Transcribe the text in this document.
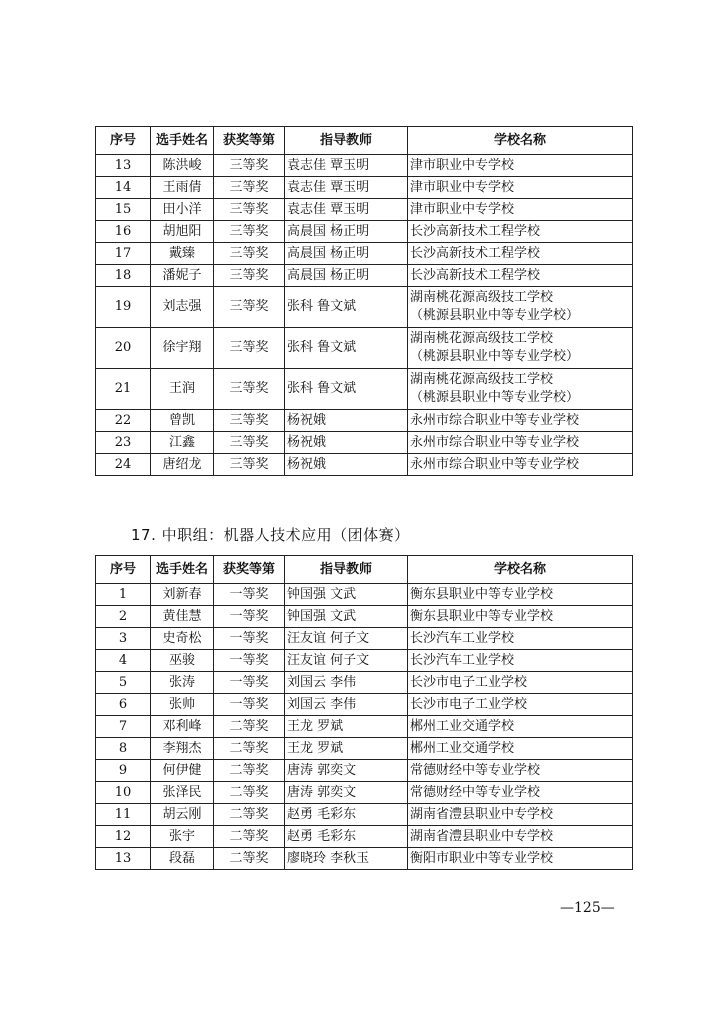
序号	选手姓名	获奖等第	指导教师	学校名称
13	陈洪峻	三等奖	袁志佳 覃玉明	津市职业中专学校
14	王雨倩	三等奖	袁志佳 覃玉明	津市职业中专学校
15	田小洋	三等奖	袁志佳 覃玉明	津市职业中专学校
16	胡旭阳	三等奖	高晨国 杨正明	长沙高新技术工程学校
17	戴臻	三等奖	高晨国 杨正明	长沙高新技术工程学校
18	潘妮子	三等奖	高晨国 杨正明	长沙高新技术工程学校
19	刘志强	三等奖	张科 鲁文斌	湖南桃花源高级技工学校
（桃源县职业中等专业学校）
20	徐宇翔	三等奖	张科 鲁文斌	湖南桃花源高级技工学校
（桃源县职业中等专业学校）
21	王润	三等奖	张科 鲁文斌	湖南桃花源高级技工学校
（桃源县职业中等专业学校）
22	曾凯	三等奖	杨祝娥	永州市综合职业中等专业学校
23	江鑫	三等奖	杨祝娥	永州市综合职业中等专业学校
24	唐绍龙	三等奖	杨祝娥	永州市综合职业中等专业学校
17. 中职组：机器人技术应用（团体赛）
序号	选手姓名	获奖等第	指导教师	学校名称
1	刘新春	一等奖	钟国强 文武	衡东县职业中等专业学校
2	黄佳慧	一等奖	钟国强 文武	衡东县职业中等专业学校
3	史奇松	一等奖	汪友谊 何子文	长沙汽车工业学校
4	巫骏	一等奖	汪友谊 何子文	长沙汽车工业学校
5	张涛	一等奖	刘国云 李伟	长沙市电子工业学校
6	张帅	一等奖	刘国云 李伟	长沙市电子工业学校
7	邓利峰	二等奖	王龙 罗斌	郴州工业交通学校
8	李翔杰	二等奖	王龙 罗斌	郴州工业交通学校
9	何伊健	二等奖	唐涛 郭奕文	常德财经中等专业学校
10	张泽民	二等奖	唐涛 郭奕文	常德财经中等专业学校
11	胡云刚	二等奖	赵勇 毛彩东	湖南省澧县职业中专学校
12	张宇	二等奖	赵勇 毛彩东	湖南省澧县职业中专学校
13	段磊	二等奖	廖晓玲 李秋玉	衡阳市职业中等专业学校
—125—
